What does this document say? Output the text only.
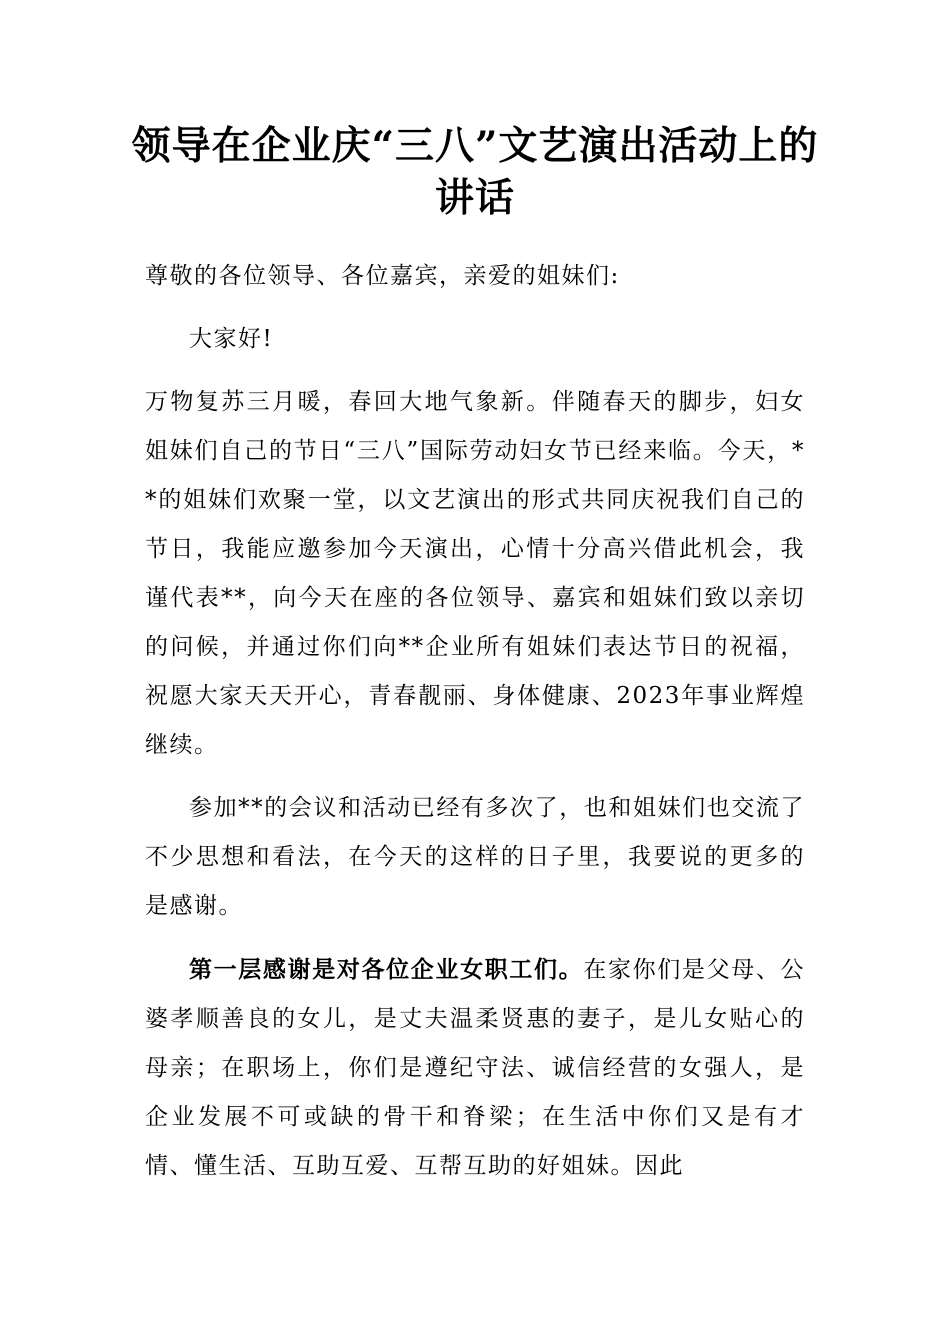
领导在企业庆“三八”文艺演出活动上的讲话

尊敬的各位领导、各位嘉宾，亲爱的姐妹们:

大家好!

万物复苏三月暖，春回大地气象新。伴随春天的脚步，妇女姐妹们自己的节日“三八”国际劳动妇女节已经来临。今天，**的姐妹们欢聚一堂，以文艺演出的形式共同庆祝我们自己的节日，我能应邀参加今天演出，心情十分高兴借此机会，我谨代表**，向今天在座的各位领导、嘉宾和姐妹们致以亲切的问候，并通过你们向**企业所有姐妹们表达节日的祝福，祝愿大家天天开心，青春靓丽、身体健康、2023年事业辉煌继续。

参加**的会议和活动已经有多次了，也和姐妹们也交流了不少思想和看法，在今天的这样的日子里，我要说的更多的是感谢。

第一层感谢是对各位企业女职工们。在家你们是父母、公婆孝顺善良的女儿，是丈夫温柔贤惠的妻子，是儿女贴心的母亲；在职场上，你们是遵纪守法、诚信经营的女强人，是企业发展不可或缺的骨干和脊梁；在生活中你们又是有才情、懂生活、互助互爱、互帮互助的好姐妹。因此
